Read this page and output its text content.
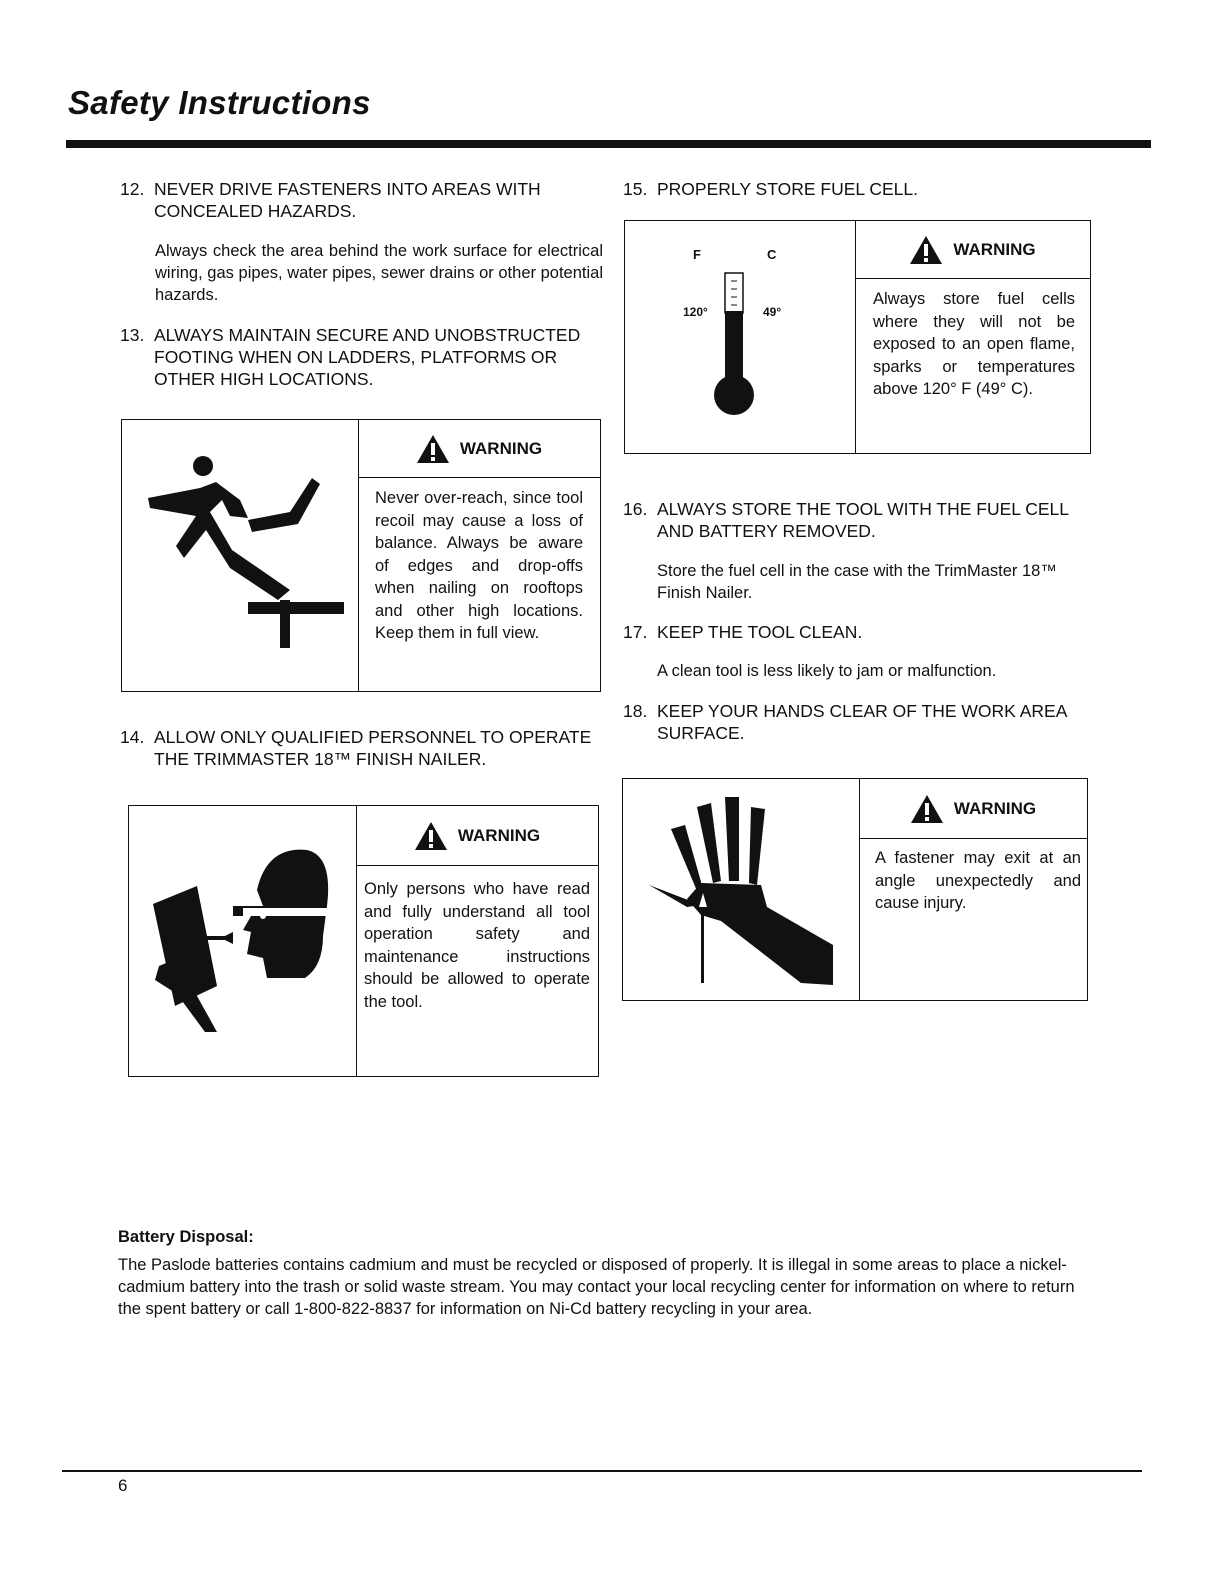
Safety Instructions
12. NEVER DRIVE FASTENERS INTO AREAS WITH
CONCEALED HAZARDS.
Always check the area behind the work surface for electrical wiring, gas pipes, water pipes, sewer drains or other potential hazards.
13. ALWAYS MAINTAIN SECURE AND UNOBSTRUCTED
FOOTING WHEN ON LADDERS, PLATFORMS OR
OTHER HIGH LOCATIONS.
WARNING
Never over-reach, since tool recoil may cause a loss of balance. Always be aware of edges and drop-offs when nailing on rooftops and other high locations. Keep them in full view.
14. ALLOW ONLY QUALIFIED PERSONNEL TO OPERATE
THE TRIMMASTER 18™ FINISH NAILER.
WARNING
Only persons who have read and fully understand all tool operation safety and maintenance instructions should be allowed to operate the tool.
15. PROPERLY STORE FUEL CELL.
F	C
120°	49°
WARNING
Always store fuel cells where they will not be exposed to an open flame, sparks or temperatures above 120° F (49° C).
16. ALWAYS STORE THE TOOL WITH THE FUEL CELL
AND BATTERY REMOVED.
Store the fuel cell in the case with the TrimMaster 18™ Finish Nailer.
17. KEEP THE TOOL CLEAN.
A clean tool is less likely to jam or malfunction.
18. KEEP YOUR HANDS CLEAR OF THE WORK AREA
SURFACE.
WARNING
A fastener may exit at an angle unexpectedly and cause injury.
Battery Disposal:
The Paslode batteries contains cadmium and must be recycled or disposed of properly. It is illegal in some areas to place a nickel-cadmium battery into the trash or solid waste stream. You may contact your local recycling center for information on where to return the spent battery or call 1-800-822-8837 for information on Ni-Cd battery recycling in your area.
6
